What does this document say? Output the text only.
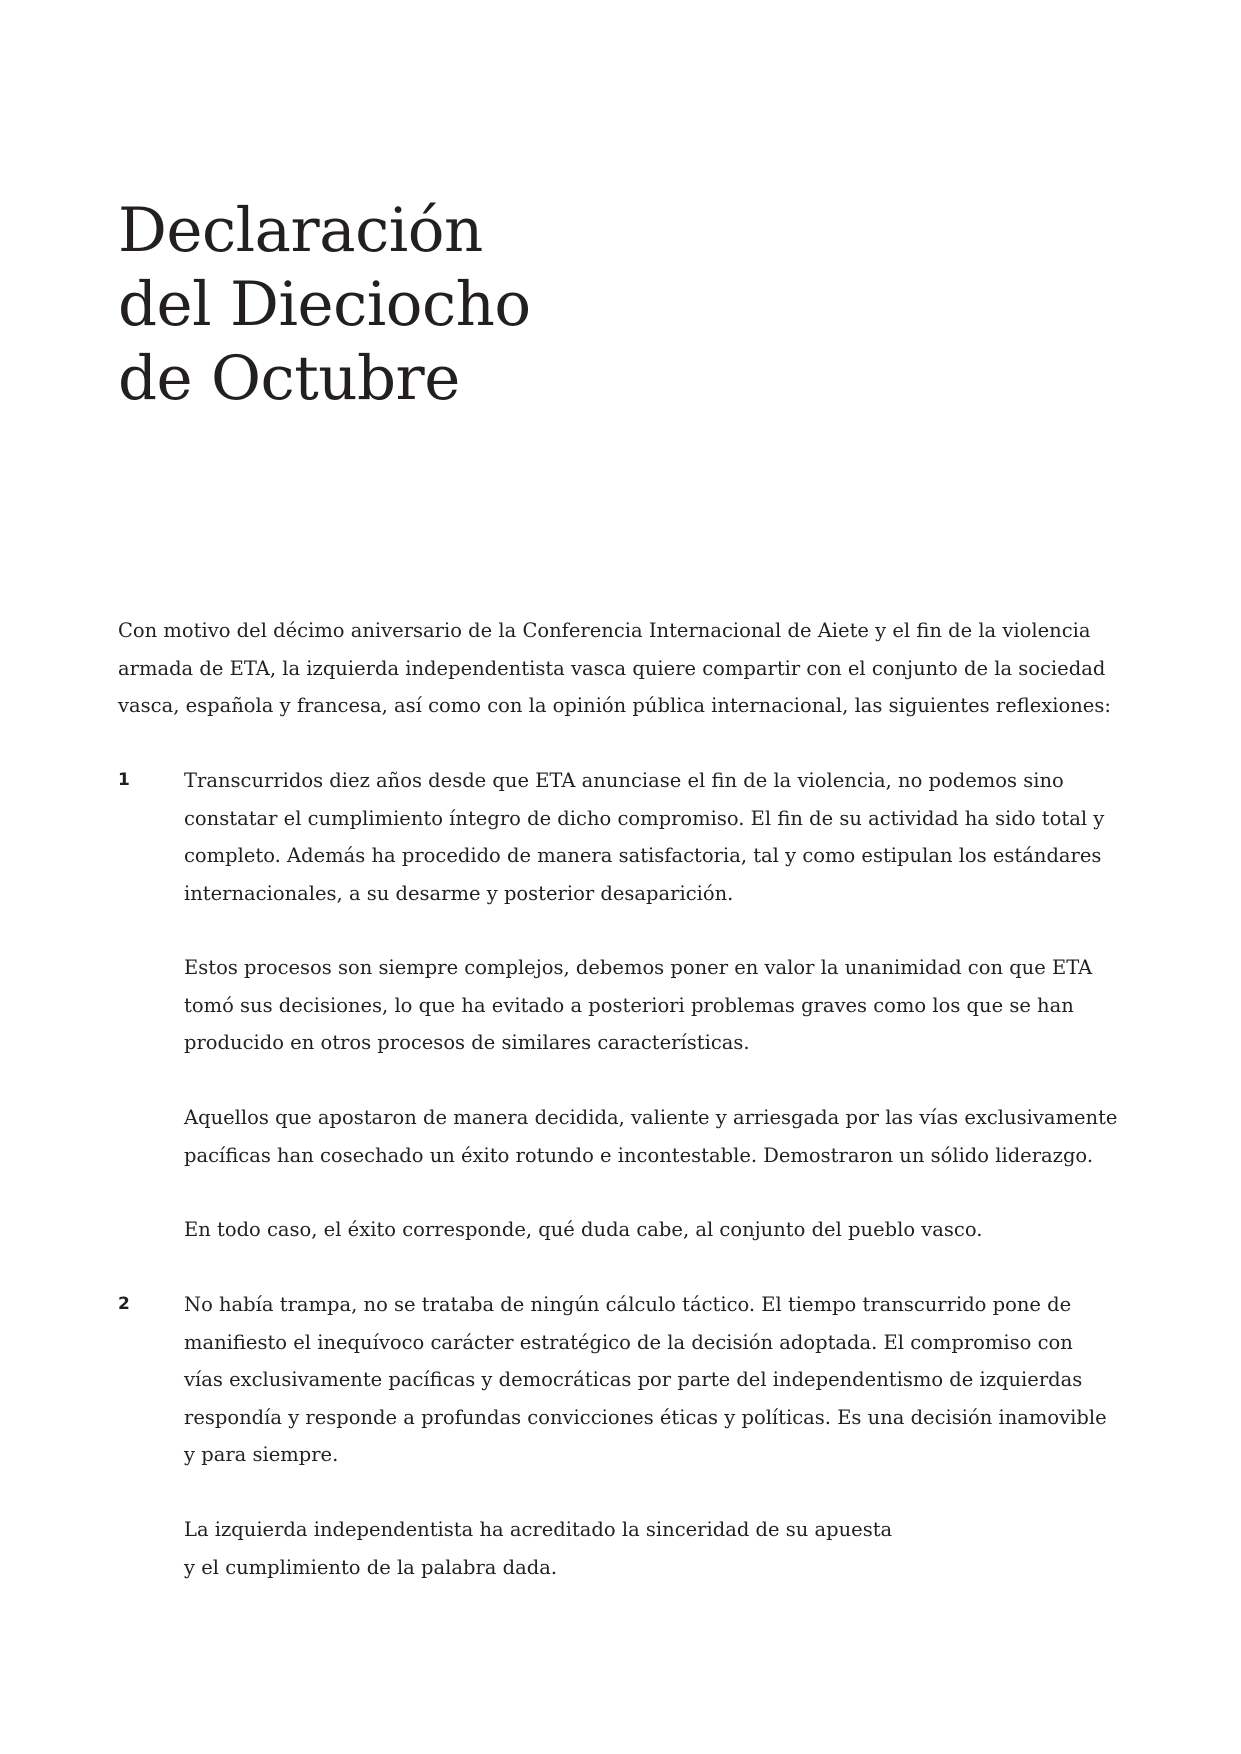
Declaración
del Dieciocho
de Octubre

Con motivo del décimo aniversario de la Conferencia Internacional de Aiete y el fin de la violencia
armada de ETA, la izquierda independentista vasca quiere compartir con el conjunto de la sociedad
vasca, española y francesa, así como con la opinión pública internacional, las siguientes reflexiones:

1	Transcurridos diez años desde que ETA anunciase el fin de la violencia, no podemos sino
constatar el cumplimiento íntegro de dicho compromiso. El fin de su actividad ha sido total y
completo. Además ha procedido de manera satisfactoria, tal y como estipulan los estándares
internacionales, a su desarme y posterior desaparición.

Estos procesos son siempre complejos, debemos poner en valor la unanimidad con que ETA
tomó sus decisiones, lo que ha evitado a posteriori problemas graves como los que se han
producido en otros procesos de similares características.

Aquellos que apostaron de manera decidida, valiente y arriesgada por las vías exclusivamente
pacíficas han cosechado un éxito rotundo e incontestable. Demostraron un sólido liderazgo.

En todo caso, el éxito corresponde, qué duda cabe, al conjunto del pueblo vasco.

2	No había trampa, no se trataba de ningún cálculo táctico. El tiempo transcurrido pone de
manifiesto el inequívoco carácter estratégico de la decisión adoptada. El compromiso con
vías exclusivamente pacíficas y democráticas por parte del independentismo de izquierdas
respondía y responde a profundas convicciones éticas y políticas. Es una decisión inamovible
y para siempre.

La izquierda independentista ha acreditado la sinceridad de su apuesta
y el cumplimiento de la palabra dada.
